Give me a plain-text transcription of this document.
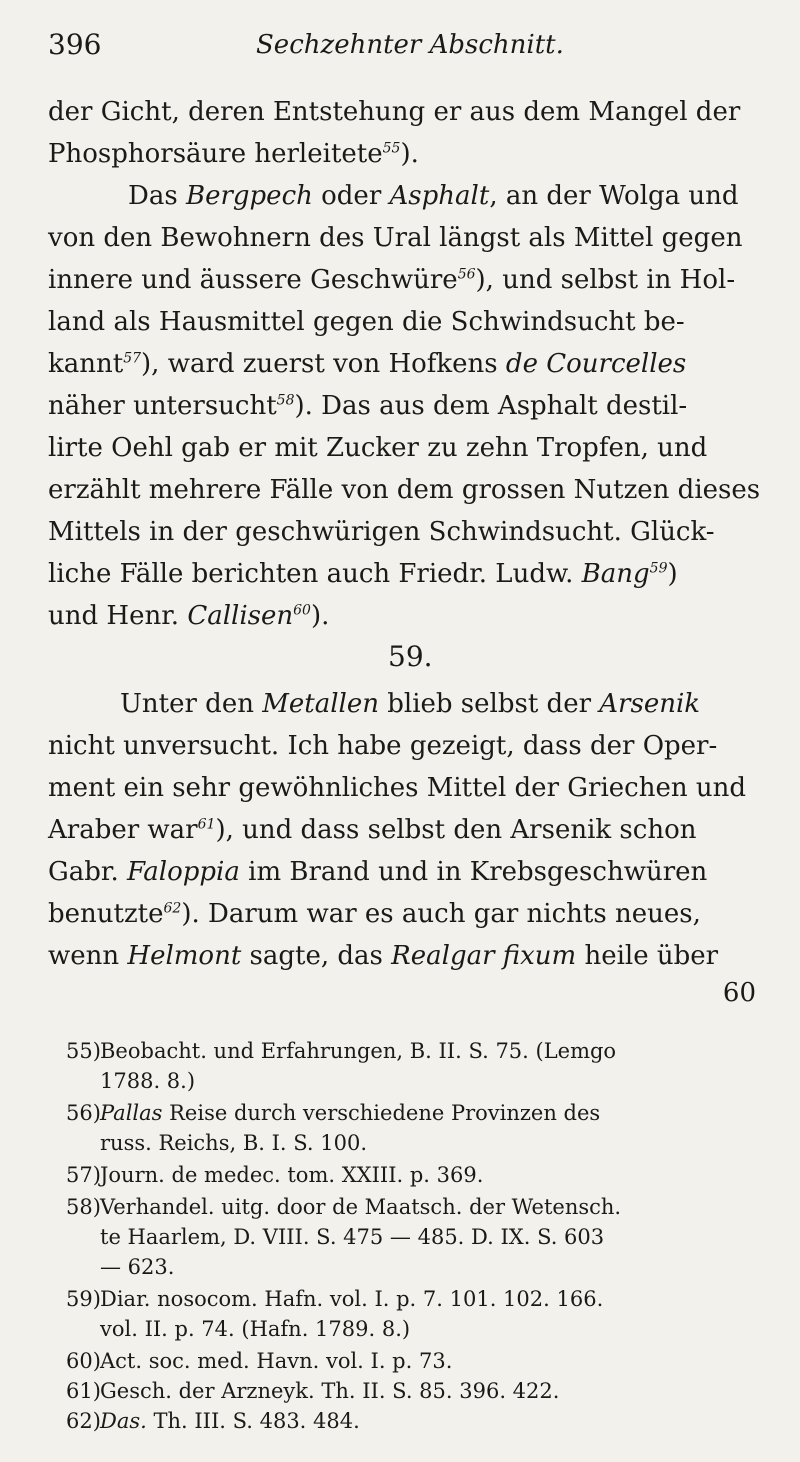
396	Sechzehnter Abschnitt.
der Gicht, deren Entstehung er aus dem Mangel der
Phosphorsäure herleitete$^{55}$).
Das Bergpech oder Asphalt, an der Wolga und
von den Bewohnern des Ural längst als Mittel gegen
innere und äussere Geschwüre$^{56}$), und selbst in Hol-
land als Hausmittel gegen die Schwindsucht be-
kannt$^{57}$), ward zuerst von Hofkens de Courcelles
näher untersucht$^{58}$). Das aus dem Asphalt destil-
lirte Oehl gab er mit Zucker zu zehn Tropfen, und
erzählt mehrere Fälle von dem grossen Nutzen dieses
Mittels in der geschwürigen Schwindsucht. Glück-
liche Fälle berichten auch Friedr. Ludw. Bang$^{59}$)
und Henr. Callisen$^{60}$).
59.
Unter den Metallen blieb selbst der Arsenik
nicht unversucht. Ich habe gezeigt, dass der Oper-
ment ein sehr gewöhnliches Mittel der Griechen und
Araber war$^{61}$), und dass selbst den Arsenik schon
Gabr. Faloppia im Brand und in Krebsgeschwüren
benutzte$^{62}$). Darum war es auch gar nichts neues,
wenn Helmont sagte, das Realgar fixum heile über
60
55)Beobacht. und Erfahrungen, B. II. S. 75. (Lemgo
1788. 8.)
56)Pallas Reise durch verschiedene Provinzen des
russ. Reichs, B. I. S. 100.
57)Journ. de medec. tom. XXIII. p. 369.
58)Verhandel. uitg. door de Maatsch. der Wetensch.
te Haarlem, D. VIII. S. 475 — 485. D. IX. S. 603
— 623.
59)Diar. nosocom. Hafn. vol. I. p. 7. 101. 102. 166.
vol. II. p. 74. (Hafn. 1789. 8.)
60)Act. soc. med. Havn. vol. I. p. 73.
61)Gesch. der Arzneyk. Th. II. S. 85. 396. 422.
62)Das. Th. III. S. 483. 484.
